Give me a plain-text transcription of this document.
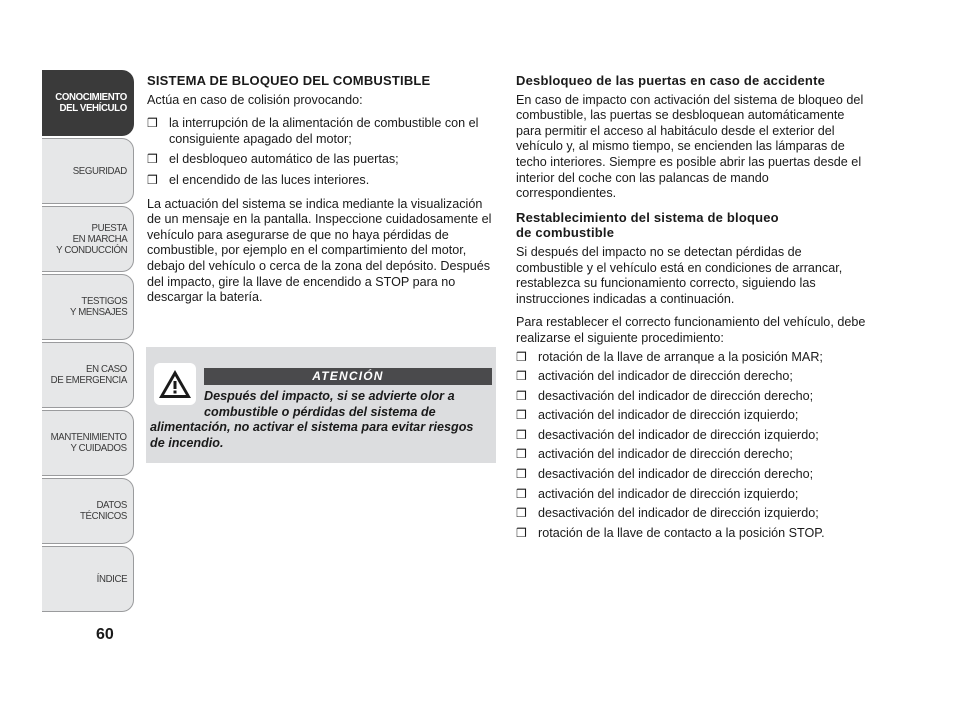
CONOCIMIENTO
DEL VEHÍCULO
SEGURIDAD
PUESTA
EN MARCHA
Y CONDUCCIÓN
TESTIGOS
Y MENSAJES
EN CASO
DE EMERGENCIA
MANTENIMIENTO
Y CUIDADOS
DATOS TÉCNICOS
ÍNDICE
60
SISTEMA DE BLOQUEO DEL COMBUSTIBLE

Actúa en caso de colisión provocando:

❒ la interrupción de la alimentación de combustible con el consiguiente apagado del motor;
❒ el desbloqueo automático de las puertas;
❒ el encendido de las luces interiores.

La actuación del sistema se indica mediante la visualización de un mensaje en la pantalla. Inspeccione cuidadosamente el vehículo para asegurarse de que no haya pérdidas de combustible, por ejemplo en el compartimiento del motor, debajo del vehículo o cerca de la zona del depósito. Después del impacto, gire la llave de encendido a STOP para no descargar la batería.

ATENCIÓN
Después del impacto, si se advierte olor a combustible o pérdidas del sistema de
alimentación, no activar el sistema para evitar riesgos de incendio.
Desbloqueo de las puertas en caso de accidente

En caso de impacto con activación del sistema de bloqueo del combustible, las puertas se desbloquean automáticamente para permitir el acceso al habitáculo desde el exterior del vehículo y, al mismo tiempo, se encienden las lámparas de techo interiores. Siempre es posible abrir las puertas desde el interior del coche con las palancas de mando correspondientes.

Restablecimiento del sistema de bloqueo
de combustible

Si después del impacto no se detectan pérdidas de combustible y el vehículo está en condiciones de arrancar, restablezca su funcionamiento correcto, siguiendo las instrucciones indicadas a continuación.

Para restablecer el correcto funcionamiento del vehículo, debe realizarse el siguiente procedimiento:

❒ rotación de la llave de arranque a la posición MAR;
❒ activación del indicador de dirección derecho;
❒ desactivación del indicador de dirección derecho;
❒ activación del indicador de dirección izquierdo;
❒ desactivación del indicador de dirección izquierdo;
❒ activación del indicador de dirección derecho;
❒ desactivación del indicador de dirección derecho;
❒ activación del indicador de dirección izquierdo;
❒ desactivación del indicador de dirección izquierdo;
❒ rotación de la llave de contacto a la posición STOP.
